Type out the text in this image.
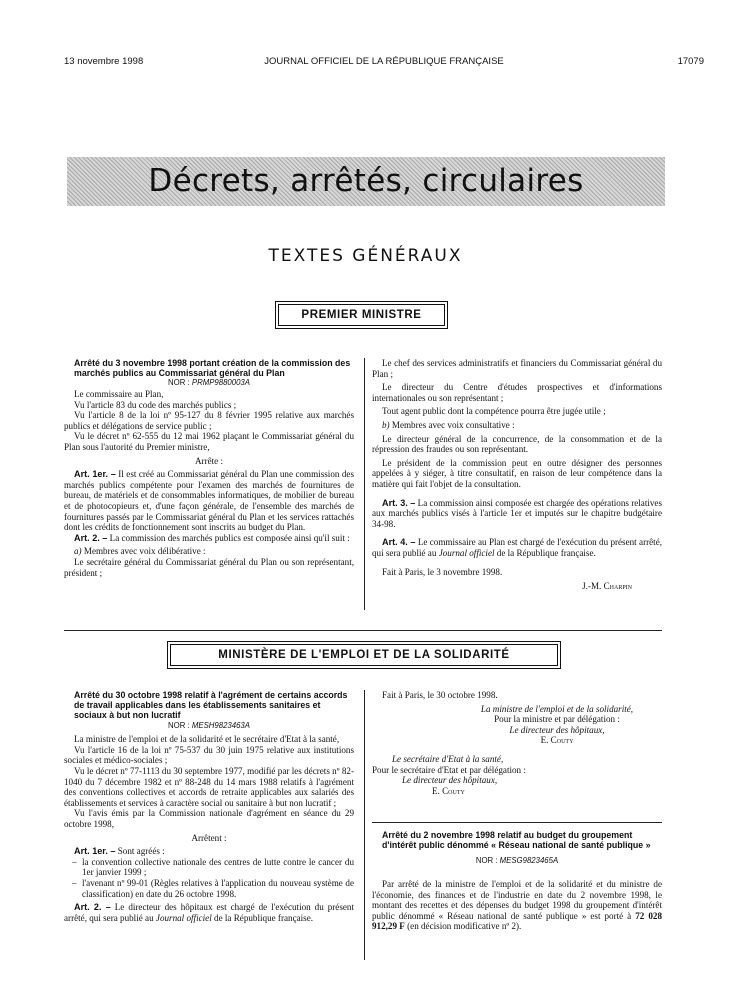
13 novembre 1998	JOURNAL OFFICIEL DE LA RÉPUBLIQUE FRANÇAISE	17079
Décrets, arrêtés, circulaires
TEXTES GÉNÉRAUX
PREMIER MINISTRE

Arrêté du 3 novembre 1998 portant création de la commission des marchés publics au Commissariat général du Plan

NOR : PRMP9880003A

Le commissaire au Plan,

Vu l'article 83 du code des marchés publics ;

Vu l'article 8 de la loi nº 95-127 du 8 février 1995 relative aux marchés publics et délégations de service public ;

Vu le décret nº 62-555 du 12 mai 1962 plaçant le Commissariat général du Plan sous l'autorité du Premier ministre,

Arrête :

Art. 1er. – Il est créé au Commissariat général du Plan une commission des marchés publics compétente pour l'examen des marchés de fournitures de bureau, de matériels et de consommables informatiques, de mobilier de bureau et de photocopieurs et, d'une façon générale, de l'ensemble des marchés de fournitures passés par le Commissariat général du Plan et les services rattachés dont les crédits de fonctionnement sont inscrits au budget du Plan.

Art. 2. – La commission des marchés publics est composée ainsi qu'il suit :

a) Membres avec voix délibérative :

Le secrétaire général du Commissariat général du Plan ou son représentant, président ;

Le chef des services administratifs et financiers du Commissariat général du Plan ;

Le directeur du Centre d'études prospectives et d'informations internationales ou son représentant ;

Tout agent public dont la compétence pourra être jugée utile ;

b) Membres avec voix consultative :

Le directeur général de la concurrence, de la consommation et de la répression des fraudes ou son représentant.

Le président de la commission peut en outre désigner des personnes appelées à y siéger, à titre consultatif, en raison de leur compétence dans la matière qui fait l'objet de la consultation.

Art. 3. – La commission ainsi composée est chargée des opérations relatives aux marchés publics visés à l'article 1er et imputés sur le chapitre budgétaire 34-98.

Art. 4. – Le commissaire au Plan est chargé de l'exécution du présent arrêté, qui sera publié au Journal officiel de la République française.

Fait à Paris, le 3 novembre 1998.

J.-M. Charpin

MINISTÈRE DE L'EMPLOI ET DE LA SOLIDARITÉ

Arrêté du 30 octobre 1998 relatif à l'agrément de certains accords de travail applicables dans les établissements sanitaires et sociaux à but non lucratif

NOR : MESH9823463A

La ministre de l'emploi et de la solidarité et le secrétaire d'Etat à la santé,

Vu l'article 16 de la loi nº 75-537 du 30 juin 1975 relative aux institutions sociales et médico-sociales ;

Vu le décret nº 77-1113 du 30 septembre 1977, modifié par les décrets nº 82-1040 du 7 décembre 1982 et nº 88-248 du 14 mars 1988 relatifs à l'agrément des conventions collectives et accords de retraite applicables aux salariés des établissements et services à caractère social ou sanitaire à but non lucratif ;

Vu l'avis émis par la Commission nationale d'agrément en séance du 29 octobre 1998,

Arrêtent :

Art. 1er. – Sont agréés :

– la convention collective nationale des centres de lutte contre le cancer du 1er janvier 1999 ;

– l'avenant nº 99-01 (Règles relatives à l'application du nouveau système de classification) en date du 26 octobre 1998.

Art. 2. – Le directeur des hôpitaux est chargé de l'exécution du présent arrêté, qui sera publié au Journal officiel de la République française.

Fait à Paris, le 30 octobre 1998.

La ministre de l'emploi et de la solidarité,

Pour la ministre et par délégation :

Le directeur des hôpitaux,

E. Couty

Le secrétaire d'Etat à la santé,

Pour le secrétaire d'Etat et par délégation :

Le directeur des hôpitaux,

E. Couty

Arrêté du 2 novembre 1998 relatif au budget du groupement d'intérêt public dénommé « Réseau national de santé publique »

NOR : MESG9823465A

Par arrêté de la ministre de l'emploi et de la solidarité et du ministre de l'économie, des finances et de l'industrie en date du 2 novembre 1998, le montant des recettes et des dépenses du budget 1998 du groupement d'intérêt public dénommé « Réseau national de santé publique » est porté à 72 028 912,29 F (en décision modificative nº 2).
